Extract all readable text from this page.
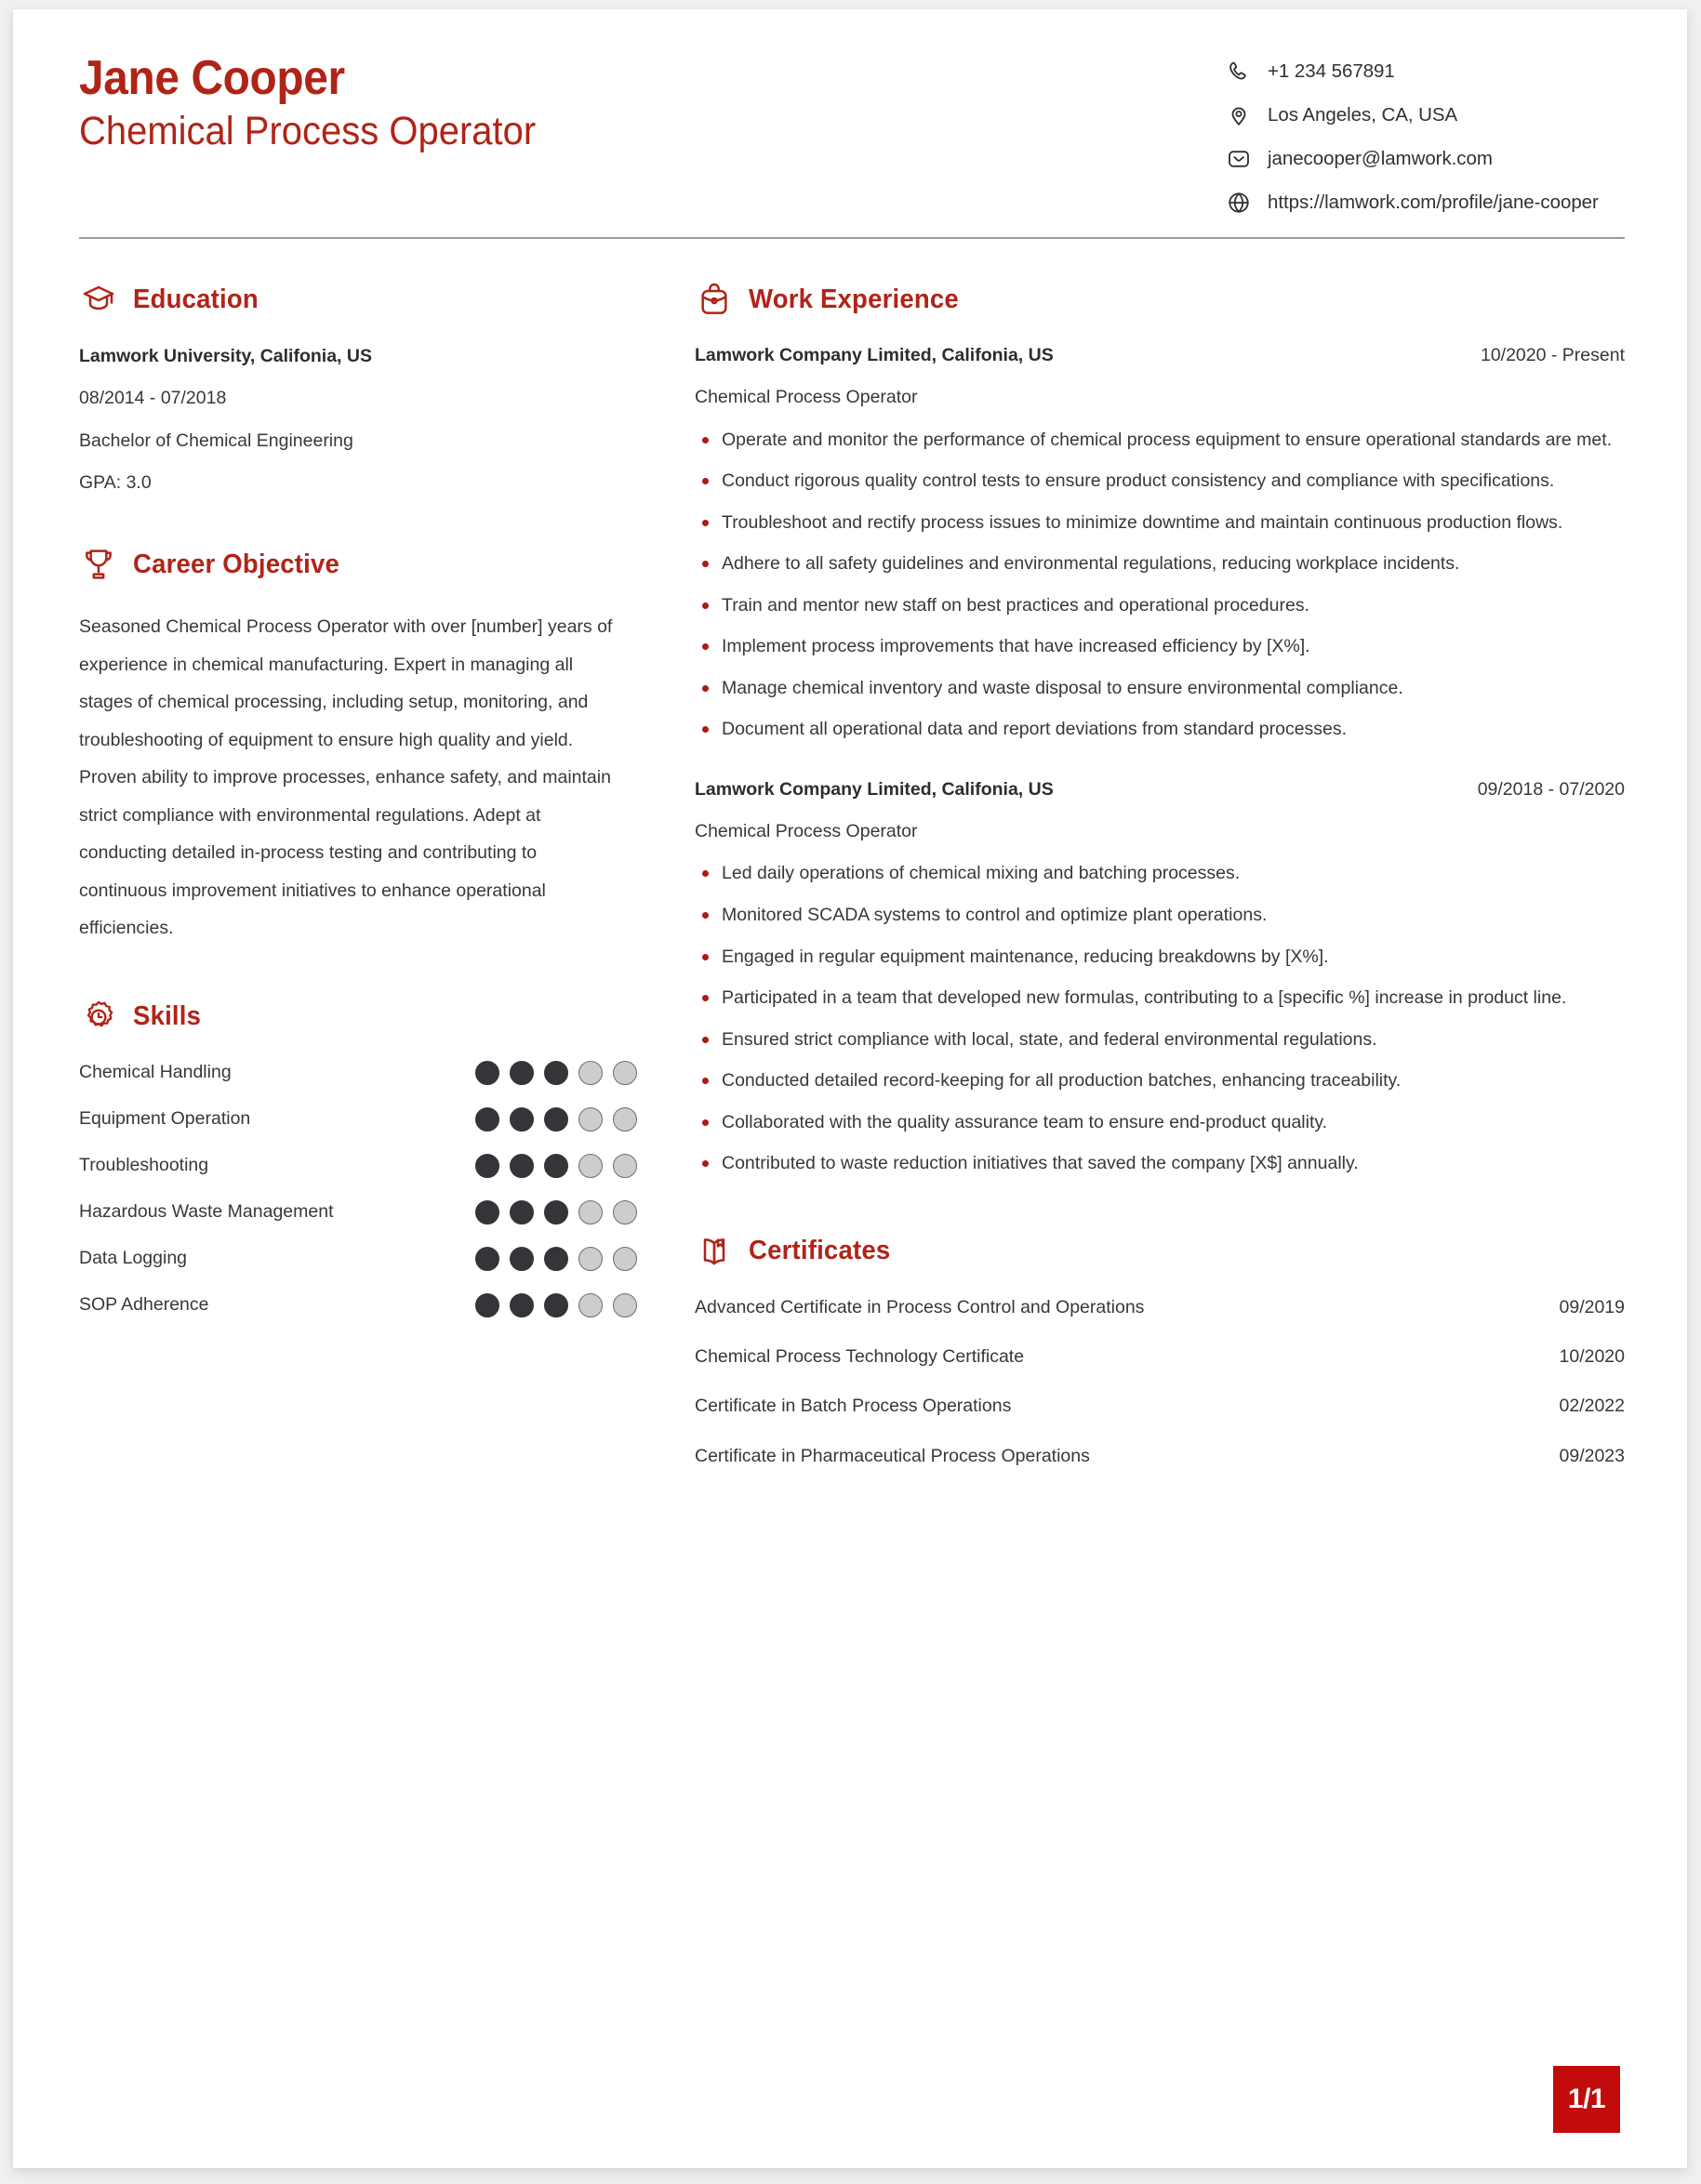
Jane Cooper
Chemical Process Operator
+1 234 567891
Los Angeles, CA, USA
janecooper@lamwork.com
https://lamwork.com/profile/jane-cooper
Education
Lamwork University, Califonia, US
08/2014 - 07/2018
Bachelor of Chemical Engineering
GPA: 3.0
Career Objective
Seasoned Chemical Process Operator with over [number] years of experience in chemical manufacturing. Expert in managing all stages of chemical processing, including setup, monitoring, and troubleshooting of equipment to ensure high quality and yield. Proven ability to improve processes, enhance safety, and maintain strict compliance with environmental regulations. Adept at conducting detailed in-process testing and contributing to continuous improvement initiatives to enhance operational efficiencies.
Skills
Chemical Handling
Equipment Operation
Troubleshooting
Hazardous Waste Management
Data Logging
SOP Adherence
Work Experience
Lamwork Company Limited, Califonia, US	10/2020 - Present
Chemical Process Operator
Operate and monitor the performance of chemical process equipment to ensure operational standards are met.
Conduct rigorous quality control tests to ensure product consistency and compliance with specifications.
Troubleshoot and rectify process issues to minimize downtime and maintain continuous production flows.
Adhere to all safety guidelines and environmental regulations, reducing workplace incidents.
Train and mentor new staff on best practices and operational procedures.
Implement process improvements that have increased efficiency by [X%].
Manage chemical inventory and waste disposal to ensure environmental compliance.
Document all operational data and report deviations from standard processes.
Lamwork Company Limited, Califonia, US	09/2018 - 07/2020
Chemical Process Operator
Led daily operations of chemical mixing and batching processes.
Monitored SCADA systems to control and optimize plant operations.
Engaged in regular equipment maintenance, reducing breakdowns by [X%].
Participated in a team that developed new formulas, contributing to a [specific %] increase in product line.
Ensured strict compliance with local, state, and federal environmental regulations.
Conducted detailed record-keeping for all production batches, enhancing traceability.
Collaborated with the quality assurance team to ensure end-product quality.
Contributed to waste reduction initiatives that saved the company [X$] annually.
Certificates
Advanced Certificate in Process Control and Operations	09/2019
Chemical Process Technology Certificate	10/2020
Certificate in Batch Process Operations	02/2022
Certificate in Pharmaceutical Process Operations	09/2023
1/1
